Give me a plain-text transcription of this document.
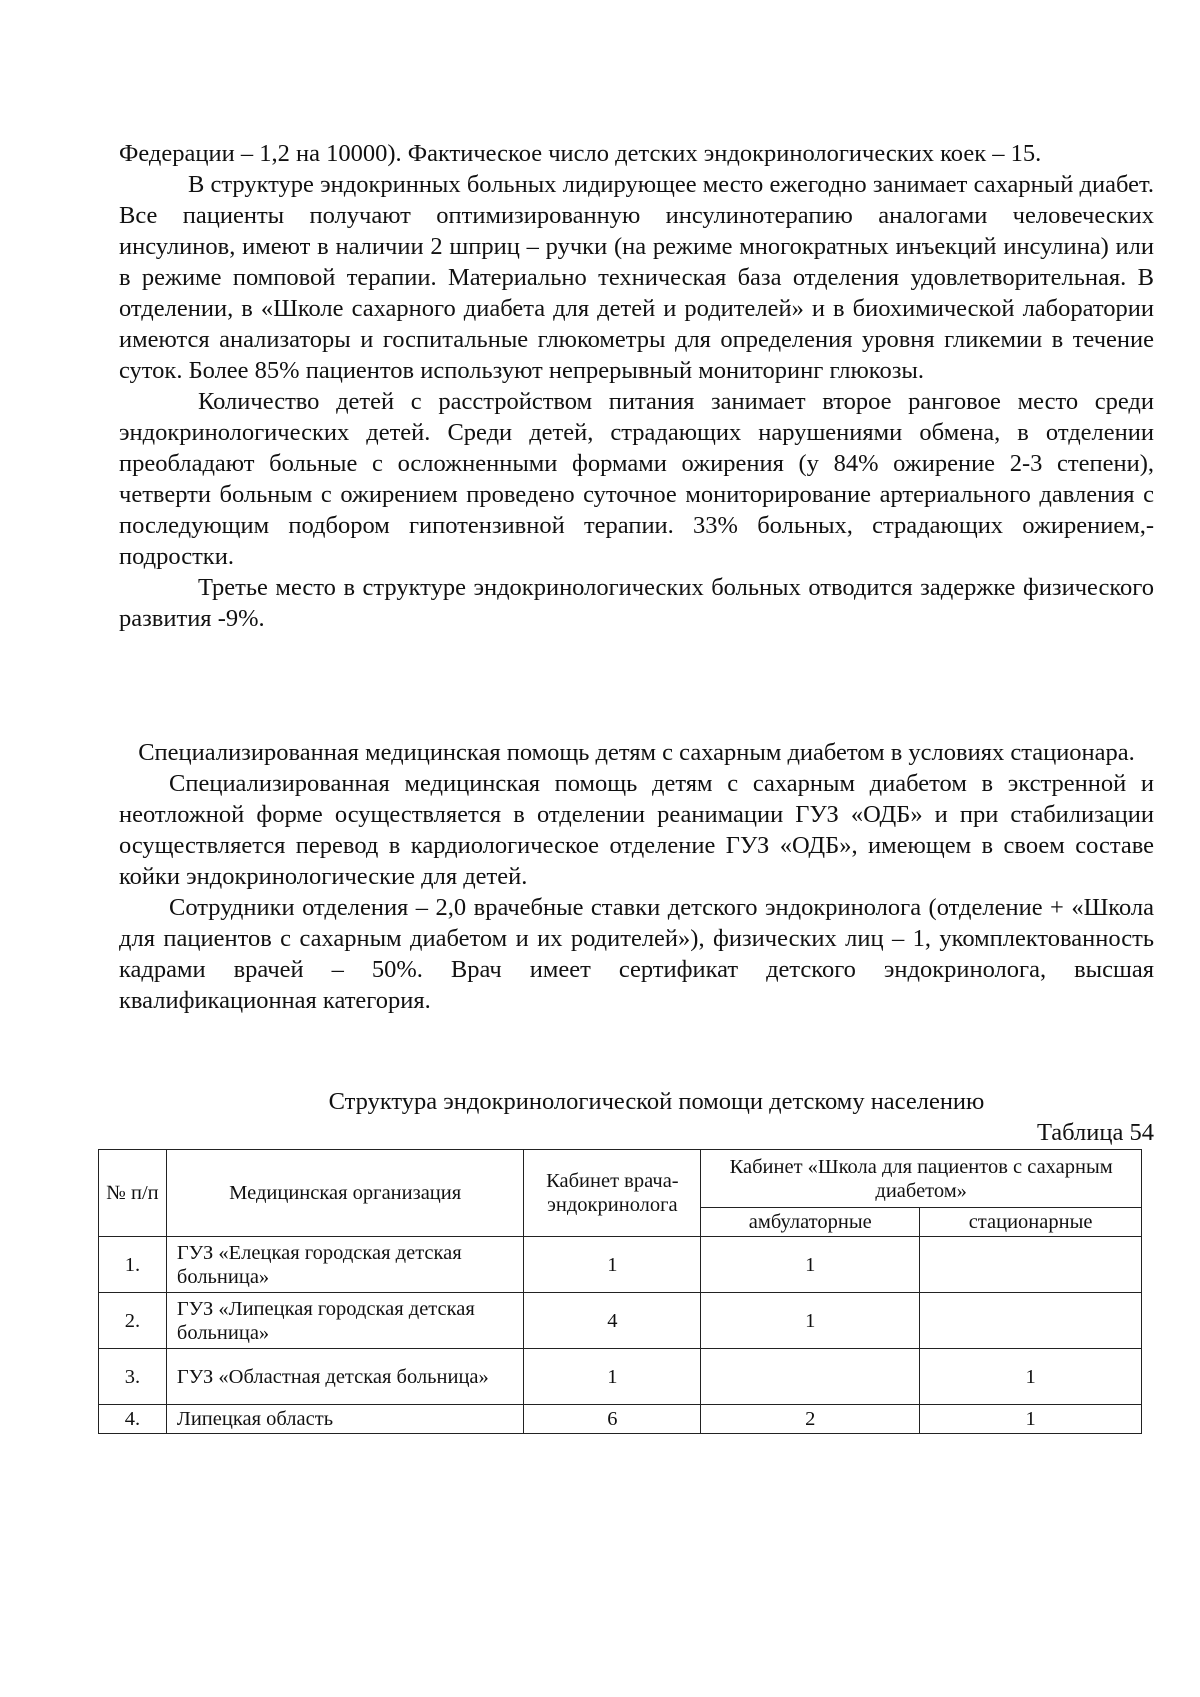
Федерации – 1,2 на 10000). Фактическое число детских эндокринологических коек – 15.

В структуре эндокринных больных лидирующее место ежегодно занимает сахарный диабет. Все пациенты получают оптимизированную инсулинотерапию аналогами человеческих инсулинов, имеют в наличии 2 шприц – ручки (на режиме многократных инъекций инсулина) или в режиме помповой терапии. Материально техническая база отделения удовлетворительная. В отделении, в «Школе сахарного диабета для детей и родителей» и в биохимической лаборатории имеются анализаторы и госпитальные глюкометры для определения уровня гликемии в течение суток. Более 85% пациентов используют непрерывный мониторинг глюкозы.

Количество детей с расстройством питания занимает второе ранговое место среди эндокринологических детей. Среди детей, страдающих нарушениями обмена, в отделении преобладают больные с осложненными формами ожирения (у 84% ожирение 2-3 степени), четверти больным с ожирением проведено суточное мониторирование артериального давления с последующим подбором гипотензивной терапии. 33% больных, страдающих ожирением,- подростки.

Третье место в структуре эндокринологических больных отводится задержке физического развития -9%.

Специализированная медицинская помощь детям с сахарным диабетом в условиях стационара.

Специализированная медицинская помощь детям с сахарным диабетом в экстренной и неотложной форме осуществляется в отделении реанимации ГУЗ «ОДБ» и при стабилизации осуществляется перевод в кардиологическое отделение ГУЗ «ОДБ», имеющем в своем составе койки эндокринологические для детей.

Сотрудники отделения – 2,0 врачебные ставки детского эндокринолога (отделение + «Школа для пациентов с сахарным диабетом и их родителей»), физических лиц – 1, укомплектованность кадрами врачей – 50%. Врач имеет сертификат детского эндокринолога, высшая квалификационная категория.

Структура эндокринологической помощи детскому населению
Таблица 54
№ п/п	Медицинская организация	Кабинет врача-эндокринолога	Кабинет «Школа для пациентов с сахарным диабетом»	
			амбулаторные	стационарные
1.	ГУЗ «Елецкая городская детская больница»	1	1	
2.	ГУЗ «Липецкая городская детская больница»	4	1	
3.	ГУЗ «Областная детская больница»	1		1
4.	Липецкая область	6	2	1
